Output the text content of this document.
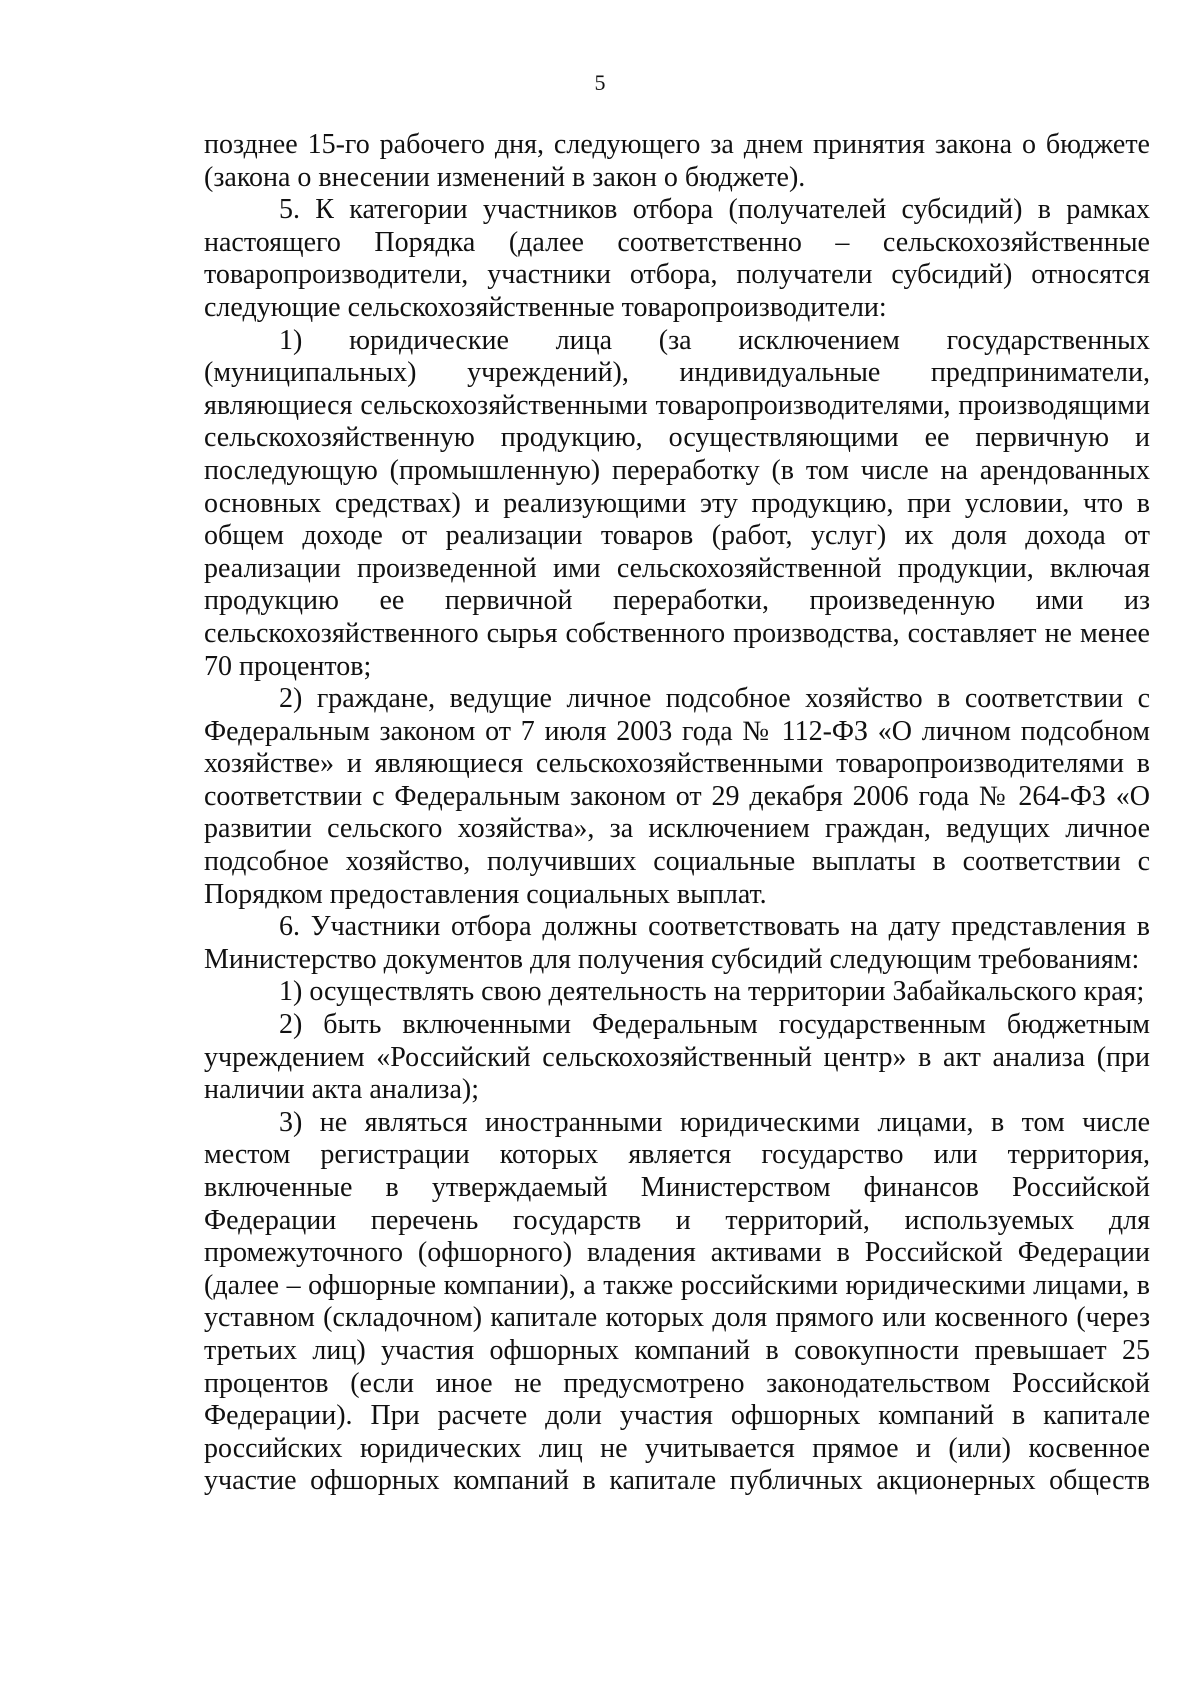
5

позднее 15-го рабочего дня, следующего за днем принятия закона о бюджете (закона о внесении изменений в закон о бюджете).

5. К категории участников отбора (получателей субсидий) в рамках настоящего Порядка (далее соответственно – сельскохозяйственные товаропроизводители, участники отбора, получатели субсидий) относятся следующие сельскохозяйственные товаропроизводители:

1) юридические лица (за исключением государственных (муниципальных) учреждений), индивидуальные предприниматели, являющиеся сельскохозяйственными товаропроизводителями, производящими сельскохозяйственную продукцию, осуществляющими ее первичную и последующую (промышленную) переработку (в том числе на арендованных основных средствах) и реализующими эту продукцию, при условии, что в общем доходе от реализации товаров (работ, услуг) их доля дохода от реализации произведенной ими сельскохозяйственной продукции, включая продукцию ее первичной переработки, произведенную ими из сельскохозяйственного сырья собственного производства, составляет не менее 70 процентов;

2) граждане, ведущие личное подсобное хозяйство в соответствии с Федеральным законом от 7 июля 2003 года № 112-ФЗ «О личном подсобном хозяйстве» и являющиеся сельскохозяйственными товаропроизводителями в соответствии с Федеральным законом от 29 декабря 2006 года № 264-ФЗ «О развитии сельского хозяйства», за исключением граждан, ведущих личное подсобное хозяйство, получивших социальные выплаты в соответствии с Порядком предоставления социальных выплат.

6. Участники отбора должны соответствовать на дату представления в Министерство документов для получения субсидий следующим требованиям:

1) осуществлять свою деятельность на территории Забайкальского края;

2) быть включенными Федеральным государственным бюджетным учреждением «Российский сельскохозяйственный центр» в акт анализа (при наличии акта анализа);

3) не являться иностранными юридическими лицами, в том числе местом регистрации которых является государство или территория, включенные в утверждаемый Министерством финансов Российской Федерации перечень государств и территорий, используемых для промежуточного (офшорного) владения активами в Российской Федерации (далее – офшорные компании), а также российскими юридическими лицами, в уставном (складочном) капитале которых доля прямого или косвенного (через третьих лиц) участия офшорных компаний в совокупности превышает 25 процентов (если иное не предусмотрено законодательством Российской Федерации). При расчете доли участия офшорных компаний в капитале российских юридических лиц не учитывается прямое и (или) косвенное участие офшорных компаний в капитале публичных акционерных обществ
